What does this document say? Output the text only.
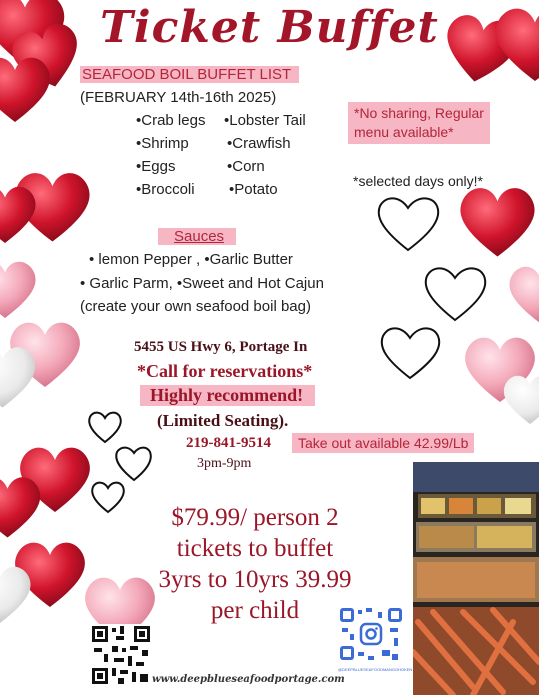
Ticket Buffet
SEAFOOD BOIL BUFFET LIST
(FEBRUARY 14th-16th 2025)
*No sharing, Regular
menu available*
*selected days only!*
•Crab legs •Lobster Tail
•Shrimp	•Crawfish
•Eggs	•Corn
•Broccoli •Potato
Sauces
• lemon Pepper , •Garlic Butter
• Garlic Parm, •Sweet and Hot Cajun
(create your own seafood boil bag)
5455 US Hwy 6, Portage In
*Call for reservations*
Highly recommend!
(Limited Seating).
219-841-9514	Take out available 42.99/Lb
3pm-9pm
$79.99/ person 2
tickets to buffet
3yrs to 10yrs 39.99
per child
www.deepblueseafoodportage.com
@DEEPBLUESEAFOODMANGOHOKEN
